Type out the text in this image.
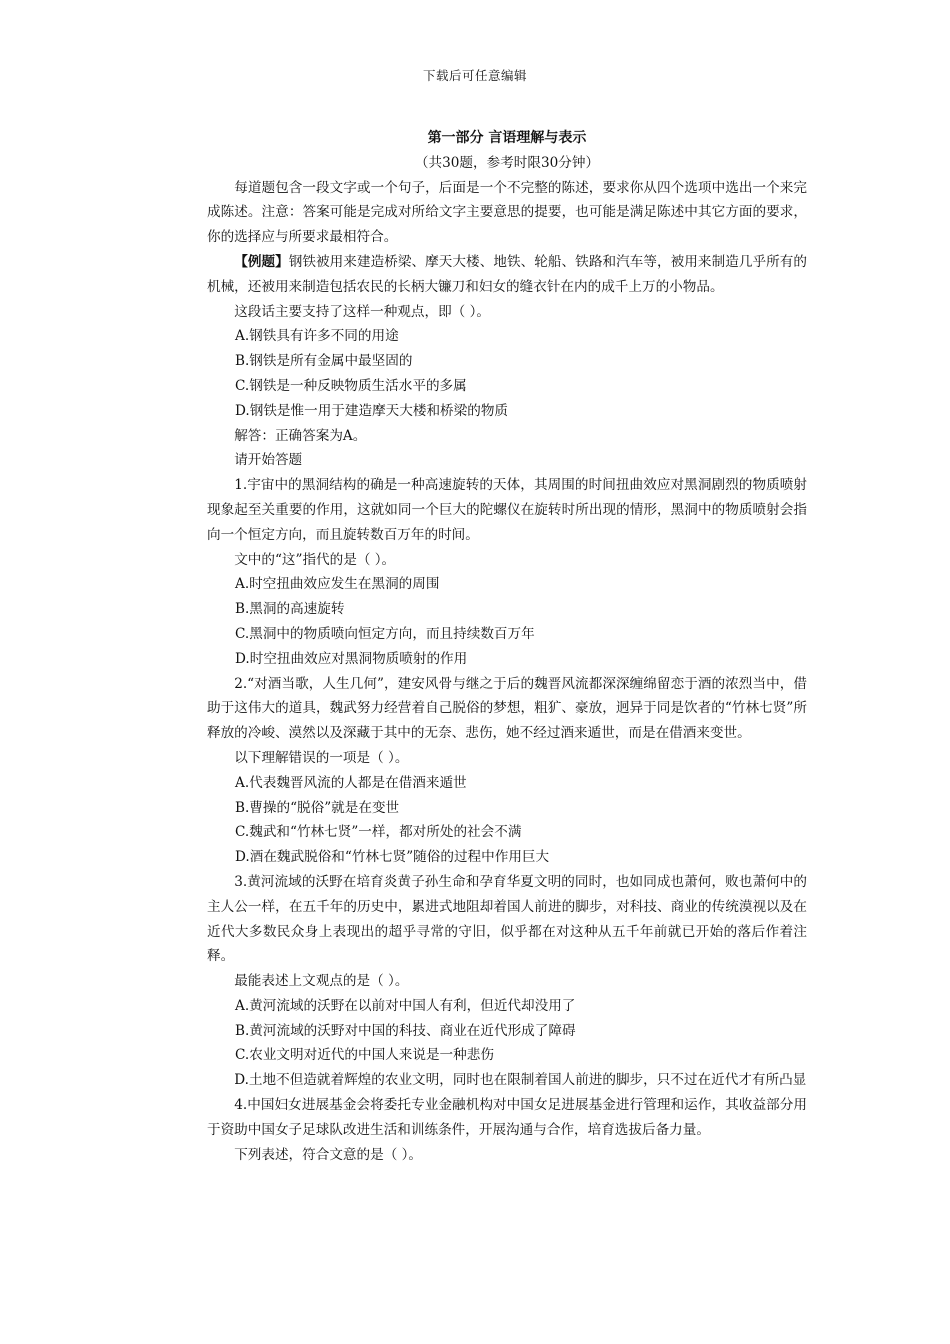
下载后可任意编辑
第一部分 言语理解与表示
（共30题，参考时限30分钟）

每道题包含一段文字或一个句子，后面是一个不完整的陈述，要求你从四个选项中选出一个来完成陈述。注意：答案可能是完成对所给文字主要意思的提要，也可能是满足陈述中其它方面的要求，你的选择应与所要求最相符合。

【例题】钢铁被用来建造桥梁、摩天大楼、地铁、轮船、铁路和汽车等，被用来制造几乎所有的机械，还被用来制造包括农民的长柄大镰刀和妇女的缝衣针在内的成千上万的小物品。

这段话主要支持了这样一种观点，即（ ）。

A.钢铁具有许多不同的用途

B.钢铁是所有金属中最坚固的

C.钢铁是一种反映物质生活水平的多属

D.钢铁是惟一用于建造摩天大楼和桥梁的物质

解答：正确答案为A。

请开始答题

1.宇宙中的黑洞结构的确是一种高速旋转的天体，其周围的时间扭曲效应对黑洞剧烈的物质喷射现象起至关重要的作用，这就如同一个巨大的陀螺仪在旋转时所出现的情形，黑洞中的物质喷射会指向一个恒定方向，而且旋转数百万年的时间。

文中的“这”指代的是（ ）。

A.时空扭曲效应发生在黑洞的周围

B.黑洞的高速旋转

C.黑洞中的物质喷向恒定方向，而且持续数百万年

D.时空扭曲效应对黑洞物质喷射的作用

2.“对酒当歌，人生几何”，建安风骨与继之于后的魏晋风流都深深缠绵留恋于酒的浓烈当中，借助于这伟大的道具，魏武努力经营着自己脱俗的梦想，粗犷、豪放，迥异于同是饮者的“竹林七贤”所释放的冷峻、漠然以及深藏于其中的无奈、悲伤，她不经过酒来遁世，而是在借酒来变世。

以下理解错误的一项是（ ）。

A.代表魏晋风流的人都是在借酒来遁世

B.曹操的“脱俗”就是在变世

C.魏武和“竹林七贤”一样，都对所处的社会不满

D.酒在魏武脱俗和“竹林七贤”随俗的过程中作用巨大

3.黄河流域的沃野在培育炎黄子孙生命和孕育华夏文明的同时，也如同成也萧何，败也萧何中的主人公一样，在五千年的历史中，累进式地阻却着国人前进的脚步，对科技、商业的传统漠视以及在近代大多数民众身上表现出的超乎寻常的守旧，似乎都在对这种从五千年前就已开始的落后作着注释。

最能表述上文观点的是（ ）。

A.黄河流域的沃野在以前对中国人有利，但近代却没用了

B.黄河流域的沃野对中国的科技、商业在近代形成了障碍

C.农业文明对近代的中国人来说是一种悲伤

D.土地不但造就着辉煌的农业文明，同时也在限制着国人前进的脚步，只不过在近代才有所凸显

4.中国妇女进展基金会将委托专业金融机构对中国女足进展基金进行管理和运作，其收益部分用于资助中国女子足球队改进生活和训练条件，开展沟通与合作，培育选拔后备力量。

下列表述，符合文意的是（ ）。
